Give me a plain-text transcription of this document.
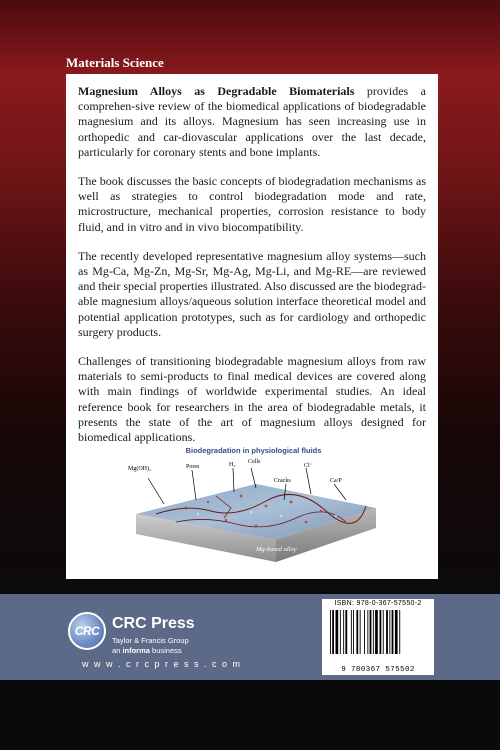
Materials Science

Magnesium Alloys as Degradable Biomaterials provides a comprehen-sive review of the biomedical applications of biodegradable magnesium and its alloys. Magnesium has seen increasing use in orthopedic and car-diovascular applications over the last decade, particularly for coronary stents and bone implants.

The book discusses the basic concepts of biodegradation mechanisms as well as strategies to control biodegradation mode and rate, microstructure, mechanical properties, corrosion resistance to body fluid, and in vitro and in vivo biocompatibility.

The recently developed representative magnesium alloy systems—such as Mg-Ca, Mg-Zn, Mg-Sr, Mg-Ag, Mg-Li, and Mg-RE—are reviewed and their special properties illustrated. Also discussed are the biodegrad-able magnesium alloys/aqueous solution interface theoretical model and potential application prototypes, such as for cardiology and orthopedic surgery products.

Challenges of transitioning biodegradable magnesium alloys from raw materials to semi-products to final medical devices are covered along with main findings of worldwide experimental studies. An ideal reference book for researchers in the area of biodegradable metals, it presents the state of the art of magnesium alloys designed for biomedical applications.

Biodegradation in physiological fluids
Mg(OH)₂	Pores	H₂ Cells
Cracks
Cl⁻
Ca/P
Mg-based alloy
CRC CRC Press
Taylor & Francis Group
an informa business
w w w . c r c p r e s s . c o m
ISBN: 978-0-367-57550-2
9 780367 575502
